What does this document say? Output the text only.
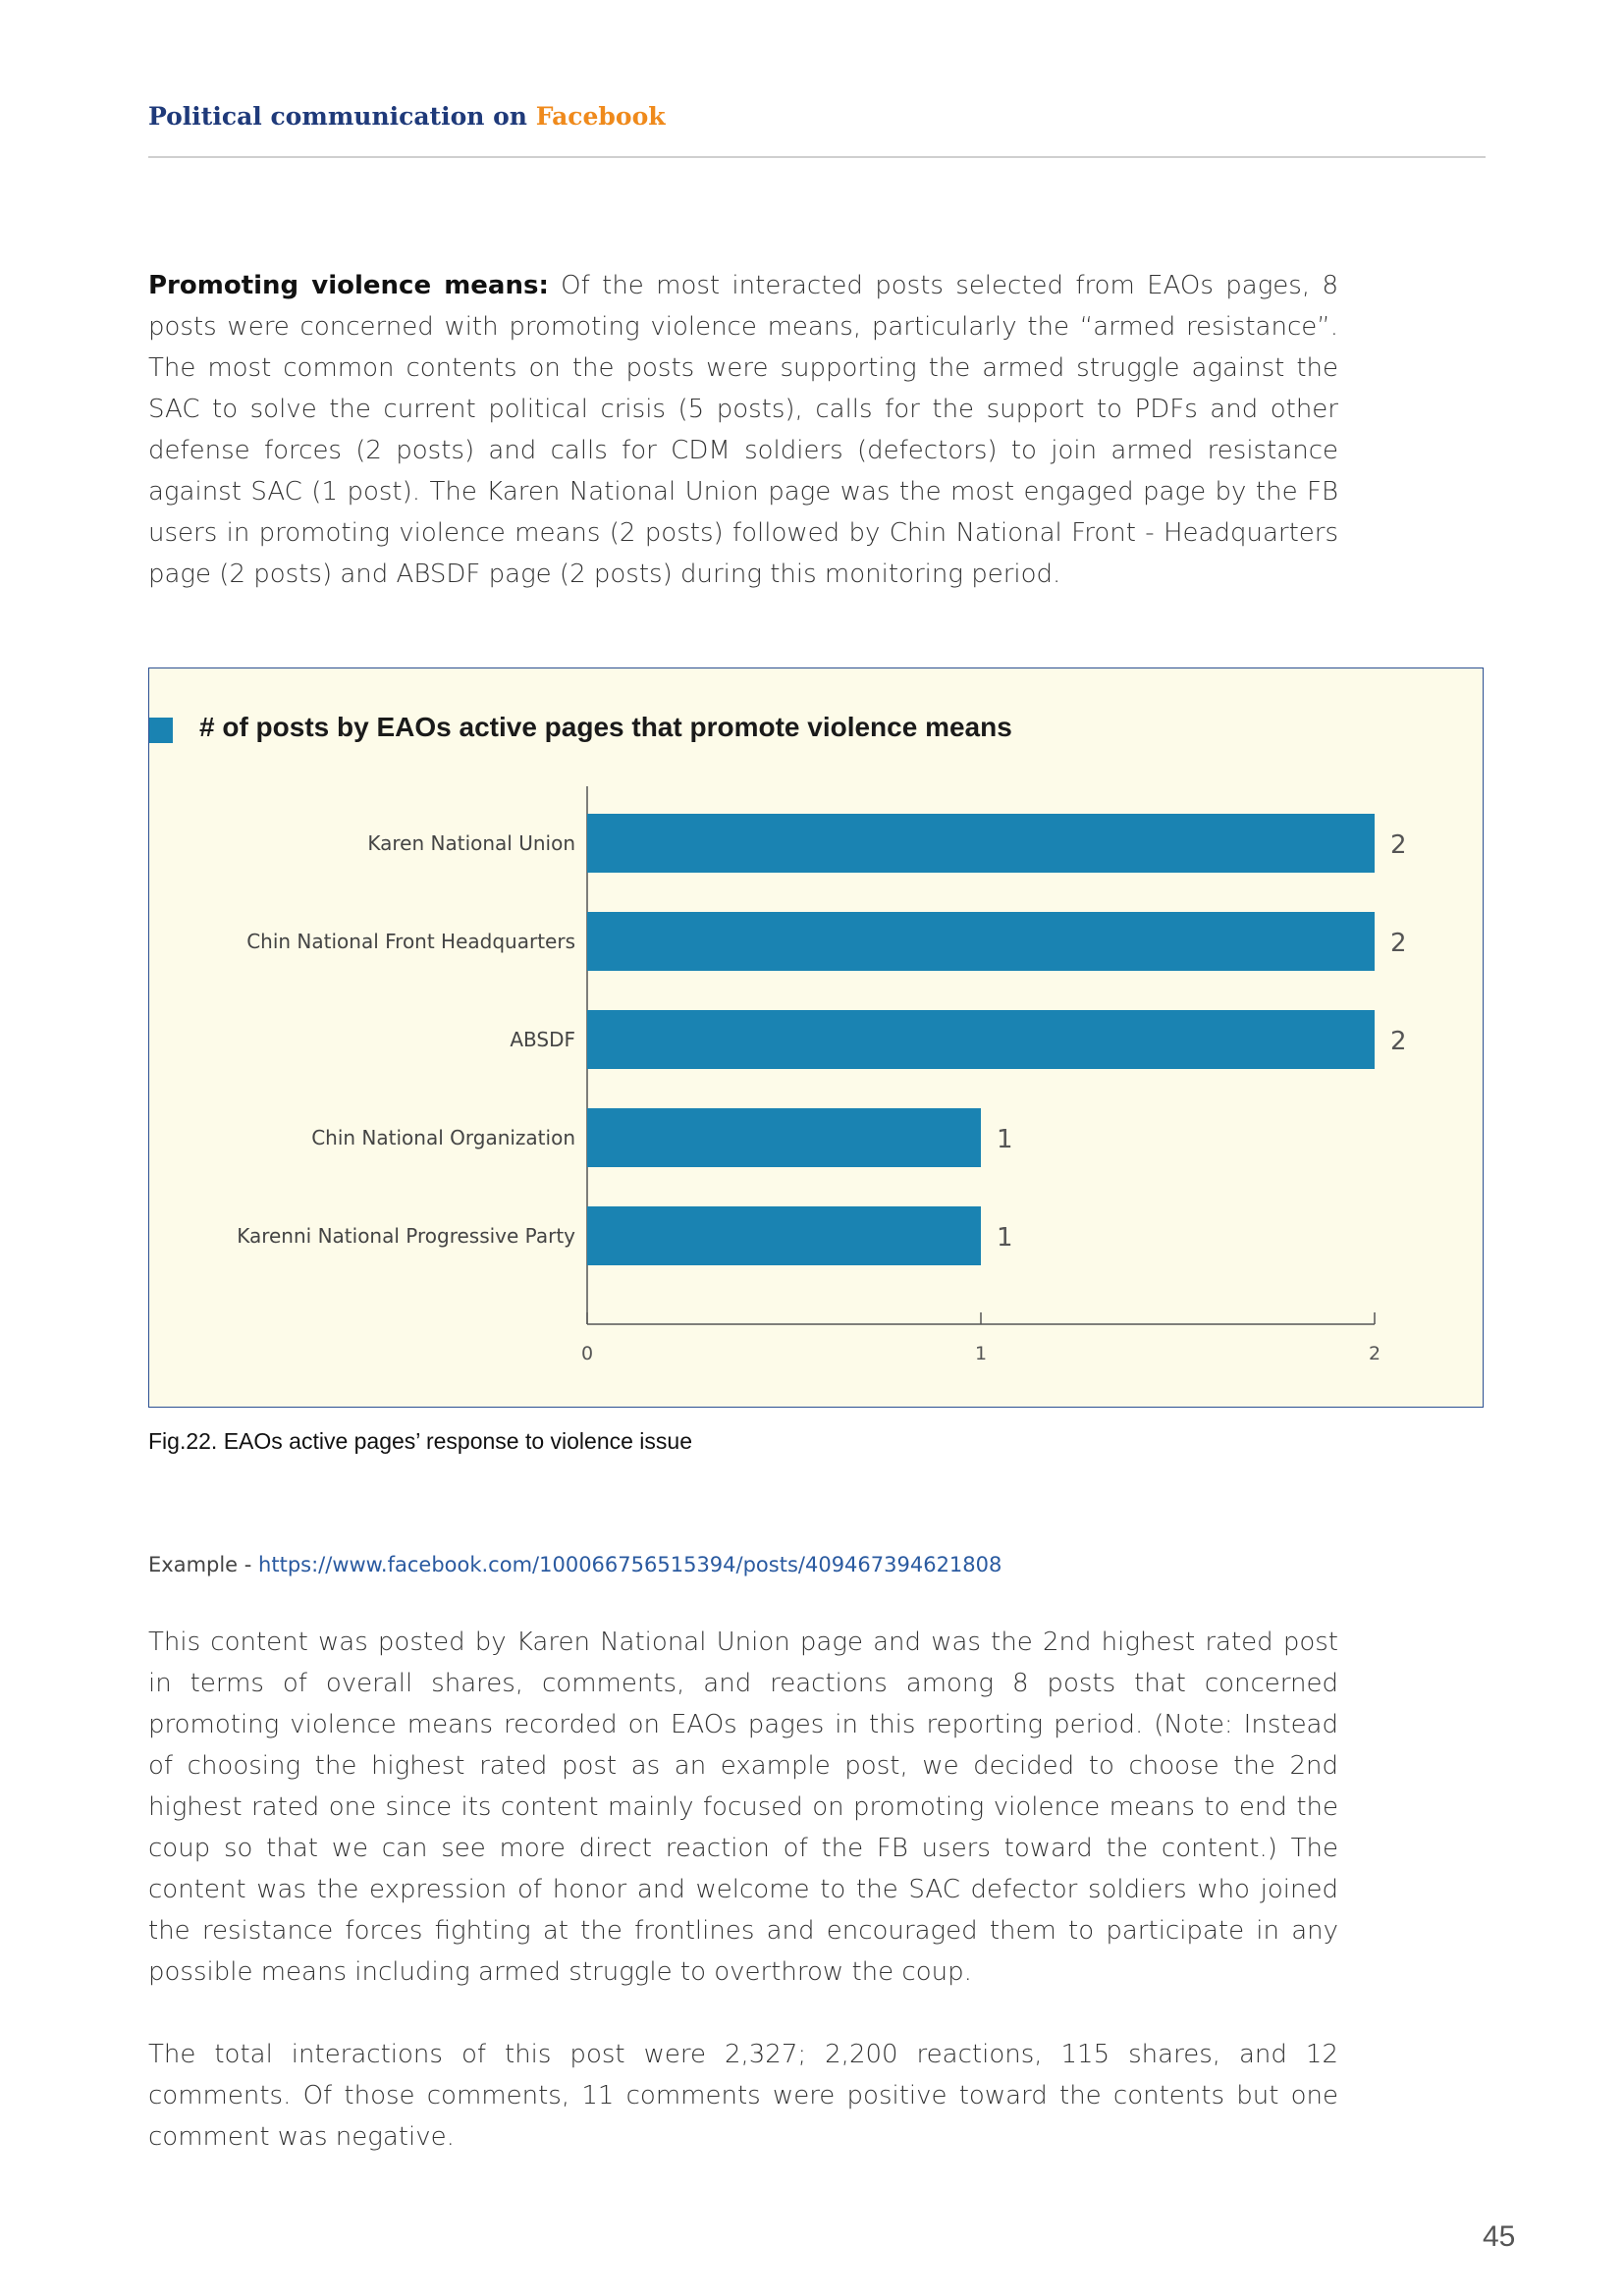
Political communication on Facebook

Promoting violence means: Of the most interacted posts selected from EAOs pages, 8 posts were concerned with promoting violence means, particularly the “armed resistance”. The most common contents on the posts were supporting the armed struggle against the SAC to solve the current political crisis (5 posts), calls for the support to PDFs and other defense forces (2 posts) and calls for CDM soldiers (defectors) to join armed resistance against SAC (1 post). The Karen National Union page was the most engaged page by the FB users in promoting violence means (2 posts) followed by Chin National Front - Headquarters page (2 posts) and ABSDF page (2 posts) during this monitoring period.

# of posts by EAOs active pages that promote violence means
Karen National Union	2
Chin National Front Headquarters	2
ABSDF	2
Chin National Organization	1
Karenni National Progressive Party	1
0	1	2
Fig.22. EAOs active pages’ response to violence issue
Example - https://www.facebook.com/100066756515394/posts/409467394621808

This content was posted by Karen National Union page and was the 2nd highest rated post in terms of overall shares, comments, and reactions among 8 posts that concerned promoting violence means recorded on EAOs pages in this reporting period. (Note: Instead of choosing the highest rated post as an example post, we decided to choose the 2nd highest rated one since its content mainly focused on promoting violence means to end the coup so that we can see more direct reaction of the FB users toward the content.) The content was the expression of honor and welcome to the SAC defector soldiers who joined the resistance forces fighting at the frontlines and encouraged them to participate in any possible means including armed struggle to overthrow the coup.

The total interactions of this post were 2,327; 2,200 reactions, 115 shares, and 12 comments. Of those comments, 11 comments were positive toward the contents but one comment was negative.

45
